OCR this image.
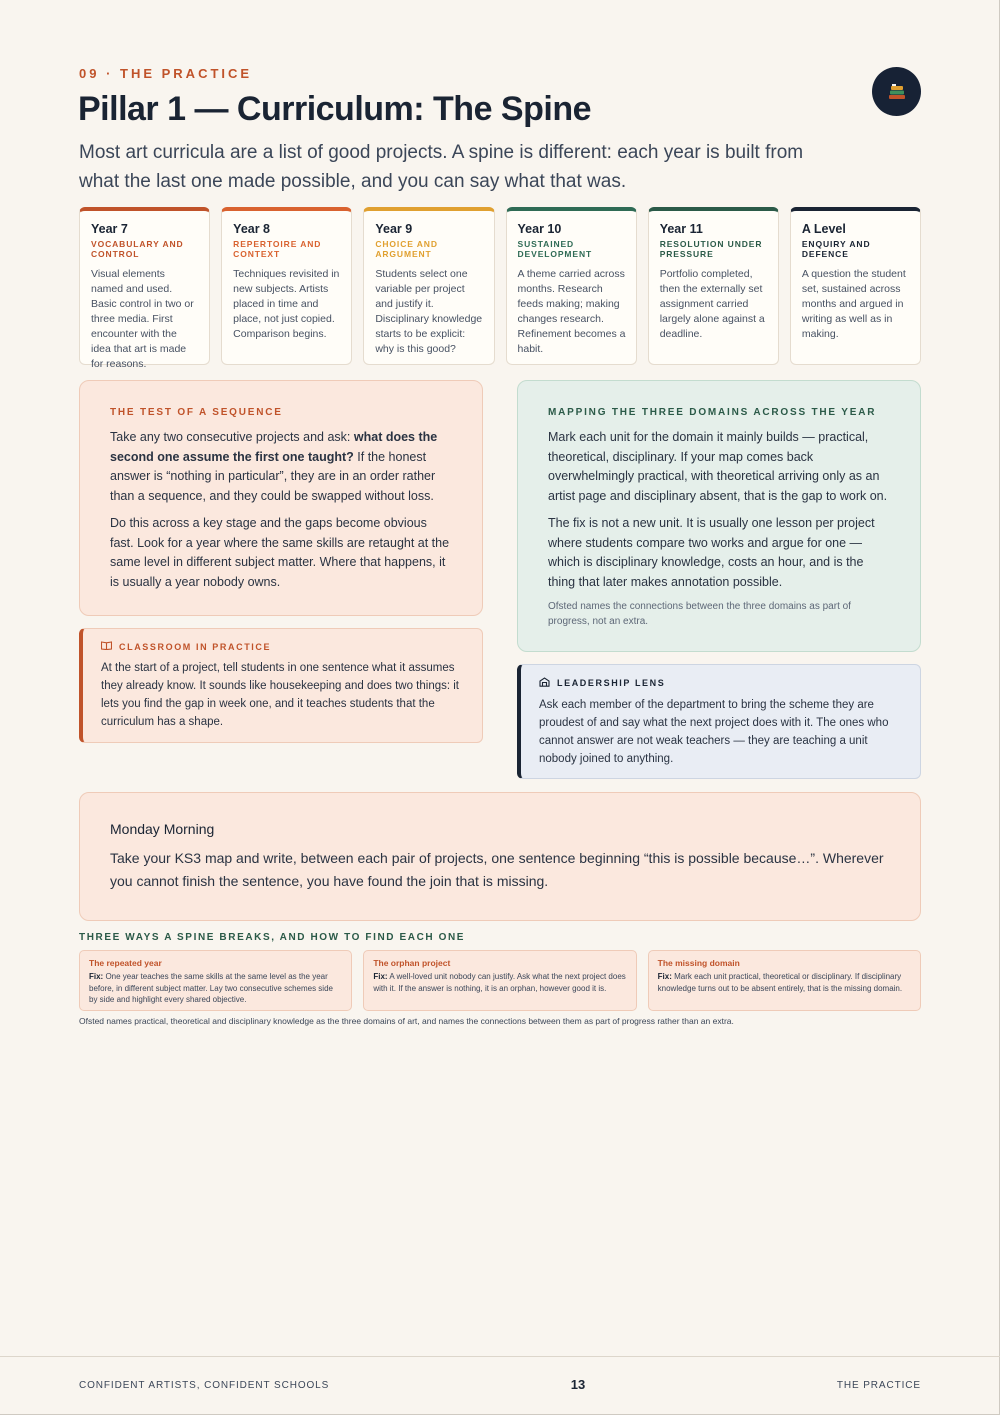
09 · THE PRACTICE
Pillar 1 — Curriculum: The Spine

Most art curricula are a list of good projects. A spine is different: each year is built from what the last one made possible, and you can say what that was.

Year 7
VOCABULARY AND CONTROL

Visual elements named and used. Basic control in two or three media. First encounter with the idea that art is made for reasons.

Year 8
REPERTOIRE AND CONTEXT

Techniques revisited in new subjects. Artists placed in time and place, not just copied. Comparison begins.

Year 9
CHOICE AND ARGUMENT

Students select one variable per project and justify it. Disciplinary knowledge starts to be explicit: why is this good?

Year 10
SUSTAINED DEVELOPMENT

A theme carried across months. Research feeds making; making changes research. Refinement becomes a habit.

Year 11
RESOLUTION UNDER PRESSURE

Portfolio completed, then the externally set assignment carried largely alone against a deadline.

A Level
ENQUIRY AND DEFENCE

A question the student set, sustained across months and argued in writing as well as in making.

THE TEST OF A SEQUENCE

Take any two consecutive projects and ask: what does the second one assume the first one taught? If the honest answer is “nothing in particular”, they are in an order rather than a sequence, and they could be swapped without loss.

Do this across a key stage and the gaps become obvious fast. Look for a year where the same skills are retaught at the same level in different subject matter. Where that happens, it is usually a year nobody owns.

MAPPING THE THREE DOMAINS ACROSS THE YEAR

Mark each unit for the domain it mainly builds — practical, theoretical, disciplinary. If your map comes back overwhelmingly practical, with theoretical arriving only as an artist page and disciplinary absent, that is the gap to work on.

The fix is not a new unit. It is usually one lesson per project where students compare two works and argue for one — which is disciplinary knowledge, costs an hour, and is the thing that later makes annotation possible.

Ofsted names the connections between the three domains as part of progress, not an extra.
CLASSROOM IN PRACTICE
At the start of a project, tell students in one sentence what it assumes they already know. It sounds like housekeeping and does two things: it lets you find the gap in week one, and it teaches students that the curriculum has a shape.
LEADERSHIP LENS
Ask each member of the department to bring the scheme they are proudest of and say what the next project does with it. The ones who cannot answer are not weak teachers — they are teaching a unit nobody joined to anything.
Monday Morning

Take your KS3 map and write, between each pair of projects, one sentence beginning “this is possible because…”. Wherever you cannot finish the sentence, you have found the join that is missing.

THREE WAYS A SPINE BREAKS, AND HOW TO FIND EACH ONE
The repeated year

Fix: One year teaches the same skills at the same level as the year before, in different subject matter. Lay two consecutive schemes side by side and highlight every shared objective.

The orphan project

Fix: A well-loved unit nobody can justify. Ask what the next project does with it. If the answer is nothing, it is an orphan, however good it is.

The missing domain

Fix: Mark each unit practical, theoretical or disciplinary. If disciplinary knowledge turns out to be absent entirely, that is the missing domain.

Ofsted names practical, theoretical and disciplinary knowledge as the three domains of art, and names the connections between them as part of progress rather than an extra.
CONFIDENT ARTISTS, CONFIDENT SCHOOLS	13	THE PRACTICE
